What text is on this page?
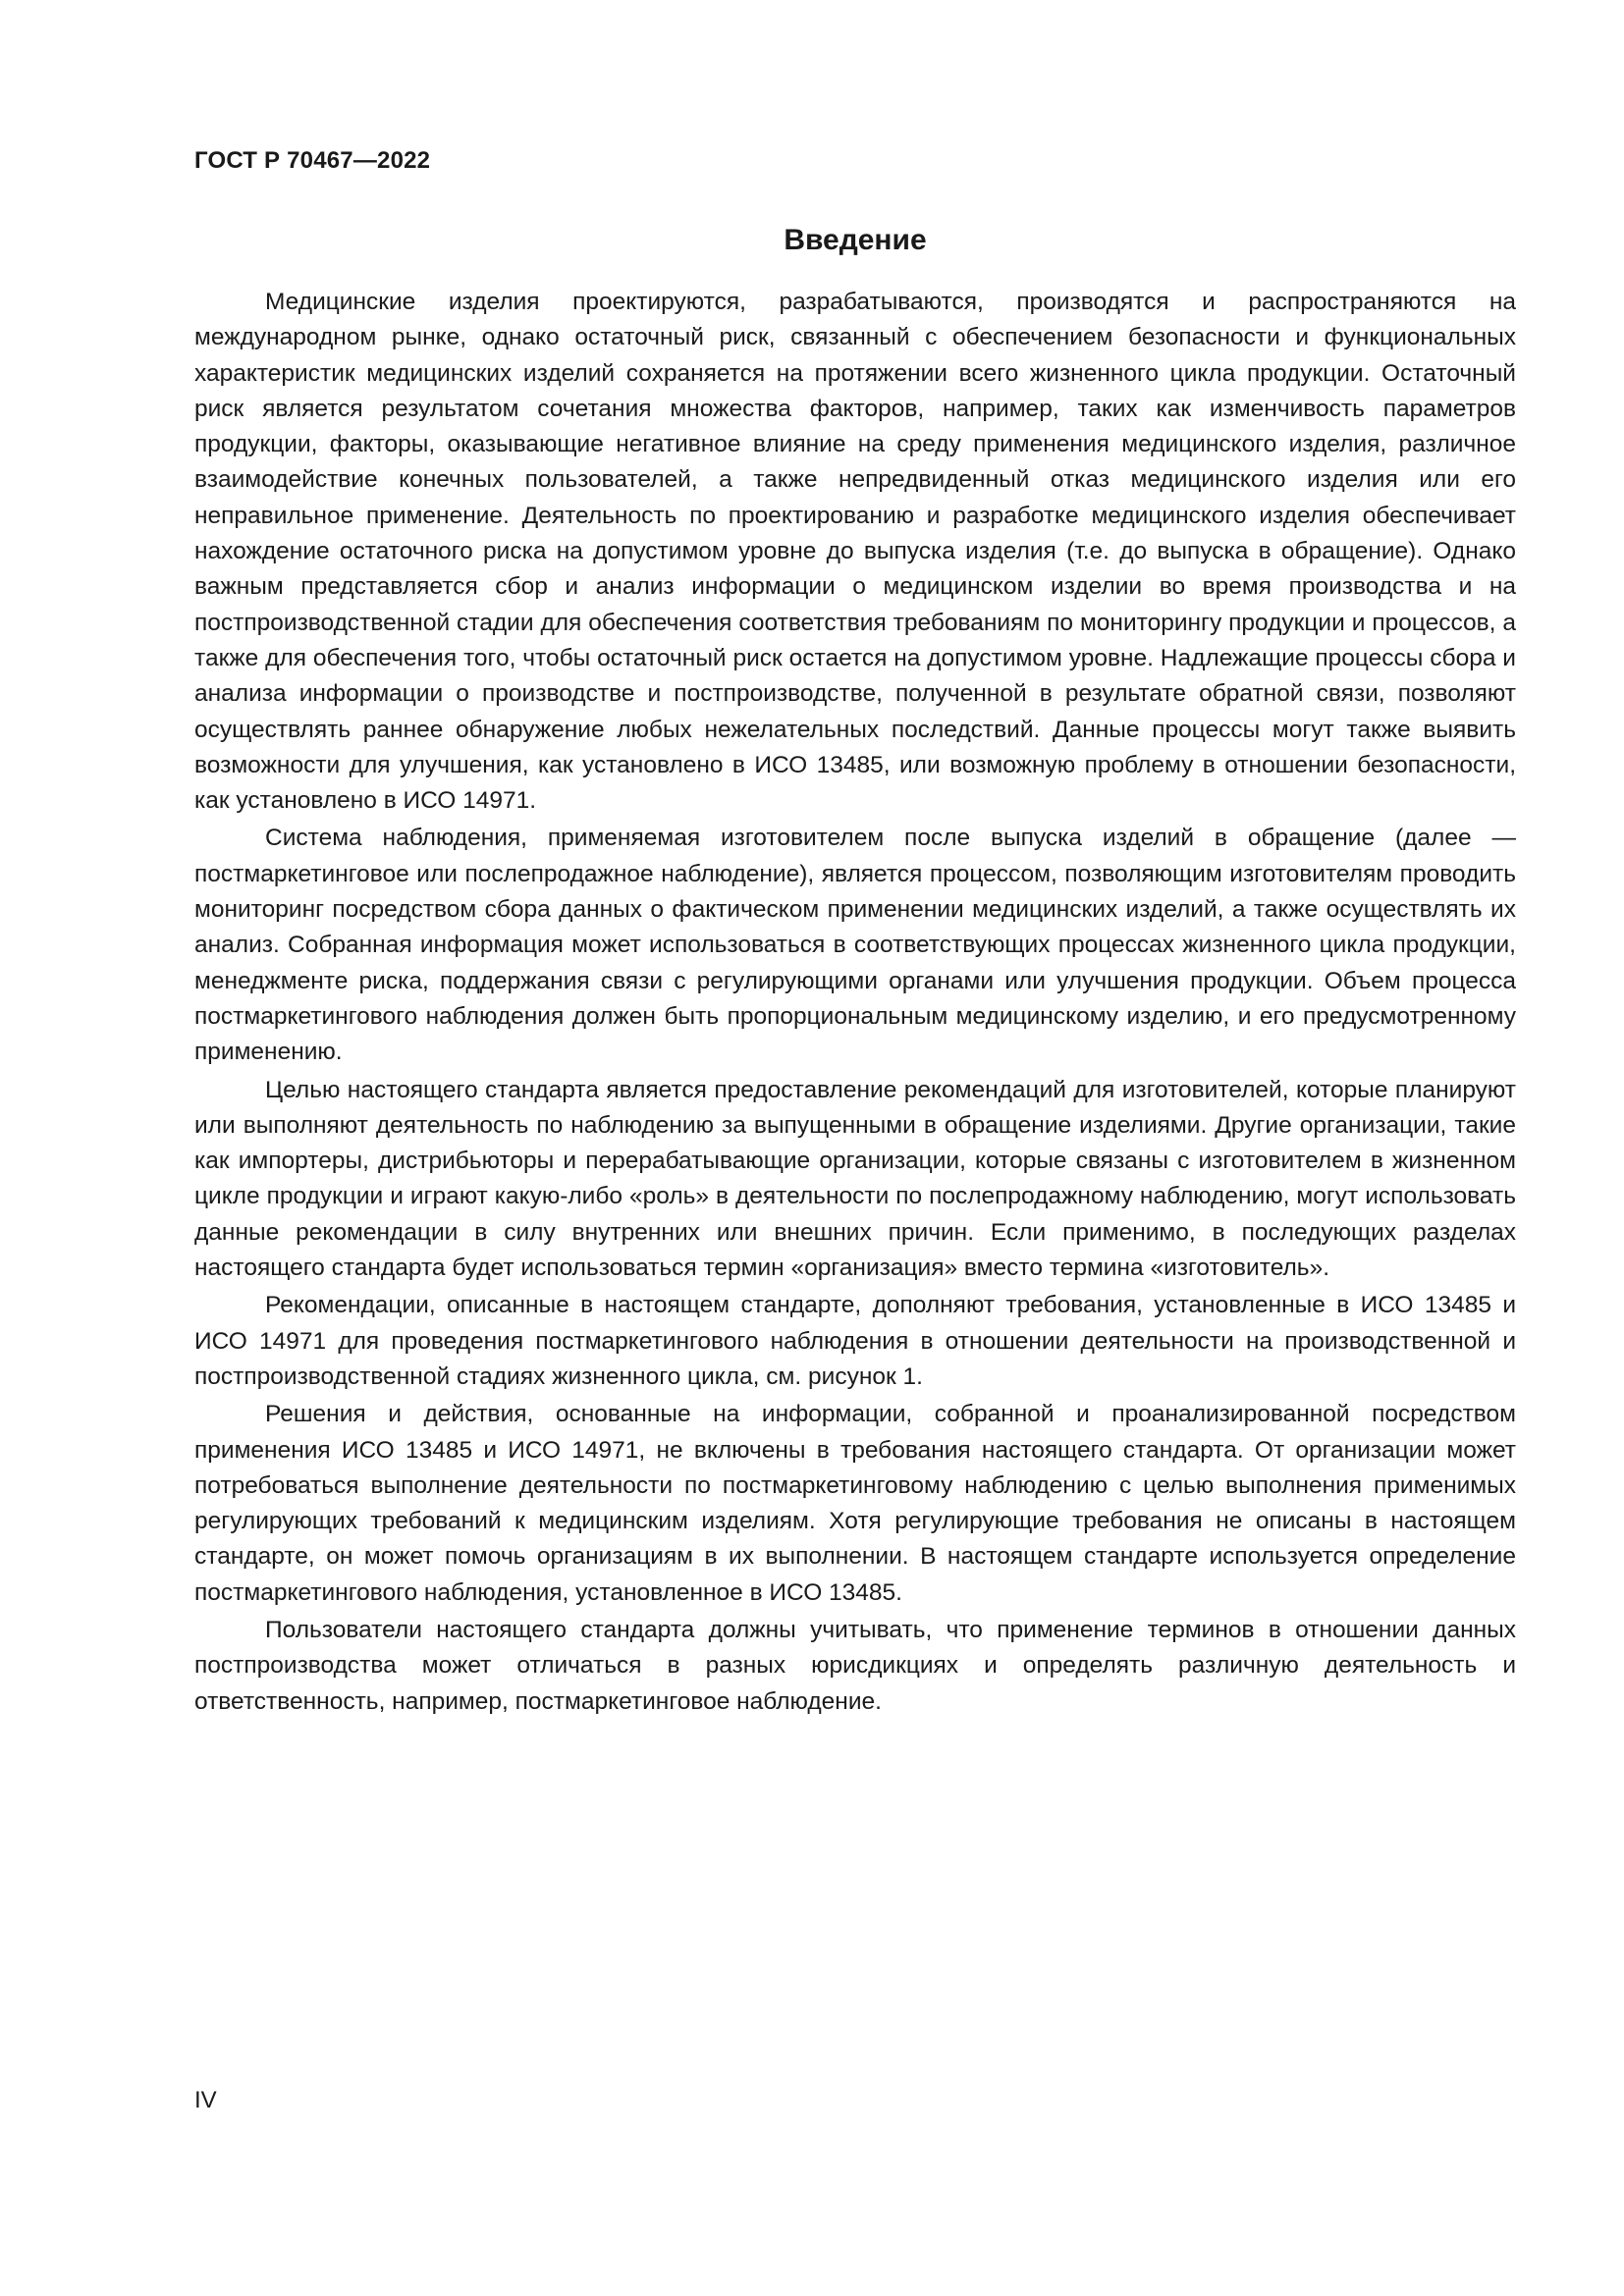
ГОСТ Р 70467—2022
Введение

Медицинские изделия проектируются, разрабатываются, производятся и распространяются на международном рынке, однако остаточный риск, связанный с обеспечением безопасности и функциональных характеристик медицинских изделий сохраняется на протяжении всего жизненного цикла продукции. Остаточный риск является результатом сочетания множества факторов, например, таких как изменчивость параметров продукции, факторы, оказывающие негативное влияние на среду применения медицинского изделия, различное взаимодействие конечных пользователей, а также непредвиденный отказ медицинского изделия или его неправильное применение. Деятельность по проектированию и разработке медицинского изделия обеспечивает нахождение остаточного риска на допустимом уровне до выпуска изделия (т.е. до выпуска в обращение). Однако важным представляется сбор и анализ информации о медицинском изделии во время производства и на постпроизводственной стадии для обеспечения соответствия требованиям по мониторингу продукции и процессов, а также для обеспечения того, чтобы остаточный риск остается на допустимом уровне. Надлежащие процессы сбора и анализа информации о производстве и постпроизводстве, полученной в результате обратной связи, позволяют осуществлять раннее обнаружение любых нежелательных последствий. Данные процессы могут также выявить возможности для улучшения, как установлено в ИСО 13485, или возможную проблему в отношении безопасности, как установлено в ИСО 14971.

Система наблюдения, применяемая изготовителем после выпуска изделий в обращение (далее — постмаркетинговое или послепродажное наблюдение), является процессом, позволяющим изготовителям проводить мониторинг посредством сбора данных о фактическом применении медицинских изделий, а также осуществлять их анализ. Собранная информация может использоваться в соответствующих процессах жизненного цикла продукции, менеджменте риска, поддержания связи с регулирующими органами или улучшения продукции. Объем процесса постмаркетингового наблюдения должен быть пропорциональным медицинскому изделию, и его предусмотренному применению.

Целью настоящего стандарта является предоставление рекомендаций для изготовителей, которые планируют или выполняют деятельность по наблюдению за выпущенными в обращение изделиями. Другие организации, такие как импортеры, дистрибьюторы и перерабатывающие организации, которые связаны с изготовителем в жизненном цикле продукции и играют какую-либо «роль» в деятельности по послепродажному наблюдению, могут использовать данные рекомендации в силу внутренних или внешних причин. Если применимо, в последующих разделах настоящего стандарта будет использоваться термин «организация» вместо термина «изготовитель».

Рекомендации, описанные в настоящем стандарте, дополняют требования, установленные в ИСО 13485 и ИСО 14971 для проведения постмаркетингового наблюдения в отношении деятельности на производственной и постпроизводственной стадиях жизненного цикла, см. рисунок 1.

Решения и действия, основанные на информации, собранной и проанализированной посредством применения ИСО 13485 и ИСО 14971, не включены в требования настоящего стандарта. От организации может потребоваться выполнение деятельности по постмаркетинговому наблюдению с целью выполнения применимых регулирующих требований к медицинским изделиям. Хотя регулирующие требования не описаны в настоящем стандарте, он может помочь организациям в их выполнении. В настоящем стандарте используется определение постмаркетингового наблюдения, установленное в ИСО 13485.

Пользователи настоящего стандарта должны учитывать, что применение терминов в отношении данных постпроизводства может отличаться в разных юрисдикциях и определять различную деятельность и ответственность, например, постмаркетинговое наблюдение.

IV
